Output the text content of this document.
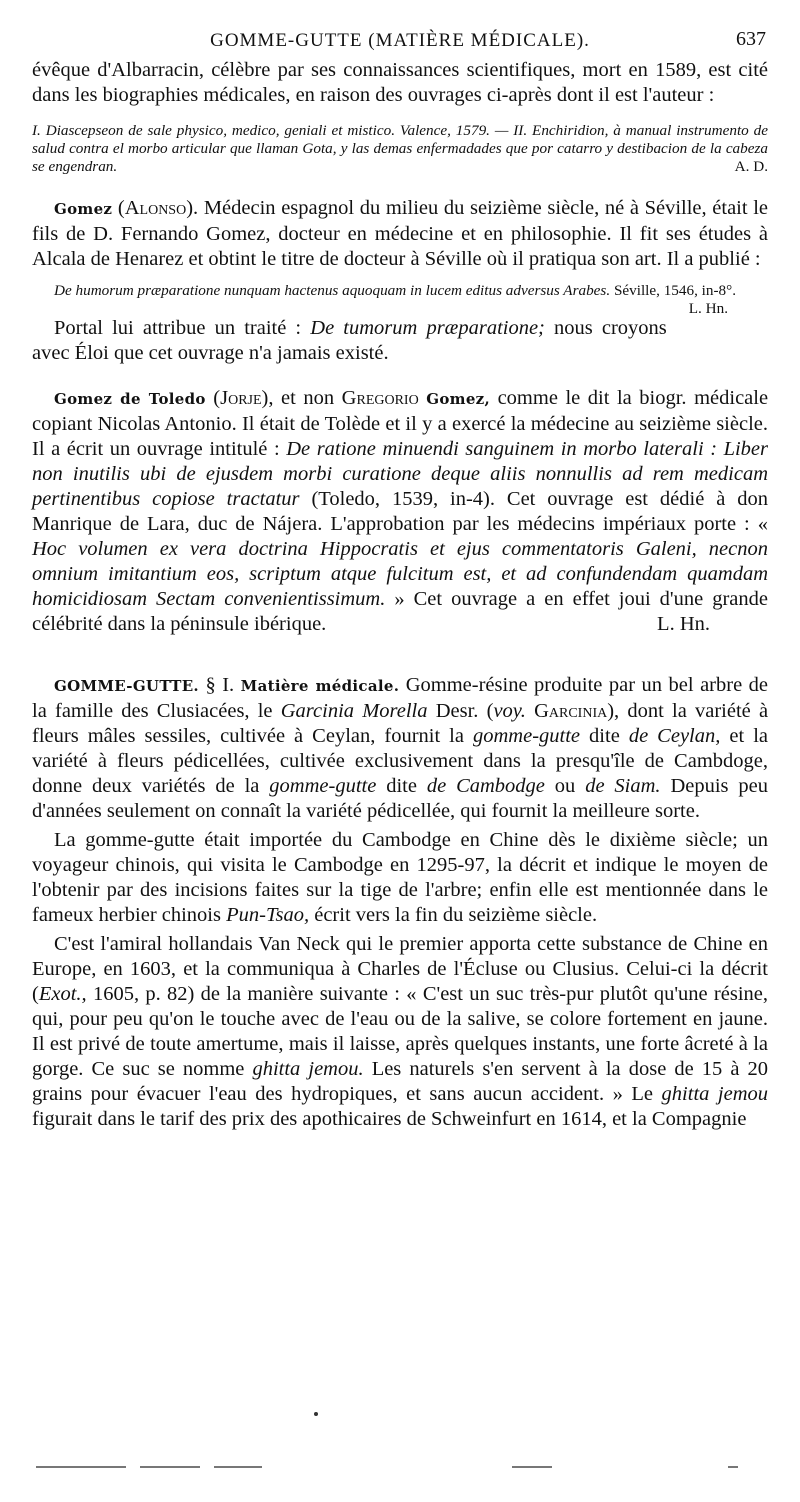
GOMME-GUTTE (MATIÈRE MÉDICALE).	637

évêque d'Albarracin, célèbre par ses connaissances scientifiques, mort en 1589, est cité dans les biographies médicales, en raison des ouvrages ci-après dont il est l'auteur :

I. Diascepseon de sale physico, medico, geniali et mistico. Valence, 1579. — II. Enchiridion, à manual instrumento de salud contra el morbo articular que llaman Gota, y las demas enfermadades que por catarro y destibacion de la cabeza se engendran.	A. D.

Gomez (Alonso). Médecin espagnol du milieu du seizième siècle, né à Séville, était le fils de D. Fernando Gomez, docteur en médecine et en philosophie. Il fit ses études à Alcala de Henarez et obtint le titre de docteur à Séville où il pratiqua son art. Il a publié :

De humorum præparatione nunquam hactenus aquoquam in lucem editus adversus Arabes. Séville, 1546, in-8°.
L. Hn.

Portal lui attribue un traité : De tumorum præparatione; nous croyons avec Éloi que cet ouvrage n'a jamais existé.

Gomez de Toledo (Jorje), et non Gregorio Gomez, comme le dit la biogr. médicale copiant Nicolas Antonio. Il était de Tolède et il y a exercé la médecine au seizième siècle. Il a écrit un ouvrage intitulé : De ratione minuendi sanguinem in morbo laterali : Liber non inutilis ubi de ejusdem morbi curatione deque aliis nonnullis ad rem medicam pertinentibus copiose tractatur (Toledo, 1539, in-4). Cet ouvrage est dédié à don Manrique de Lara, duc de Nájera. L'approbation par les médecins impériaux porte : « Hoc volumen ex vera doctrina Hippocratis et ejus commentatoris Galeni, necnon omnium imitantium eos, scriptum atque fulcitum est, et ad confundendam quamdam homicidiosam Sectam convenientissimum. » Cet ouvrage a en effet joui d'une grande célébrité dans la péninsule ibérique.	L. Hn.

GOMME-GUTTE. § I. Matière médicale. Gomme-résine produite par un bel arbre de la famille des Clusiacées, le Garcinia Morella Desr. (voy. Garcinia), dont la variété à fleurs mâles sessiles, cultivée à Ceylan, fournit la gomme-gutte dite de Ceylan, et la variété à fleurs pédicellées, cultivée exclusivement dans la presqu'île de Cambdoge, donne deux variétés de la gomme-gutte dite de Cambodge ou de Siam. Depuis peu d'années seulement on connaît la variété pédicellée, qui fournit la meilleure sorte.

La gomme-gutte était importée du Cambodge en Chine dès le dixième siècle; un voyageur chinois, qui visita le Cambodge en 1295-97, la décrit et indique le moyen de l'obtenir par des incisions faites sur la tige de l'arbre; enfin elle est mentionnée dans le fameux herbier chinois Pun-Tsao, écrit vers la fin du seizième siècle.

C'est l'amiral hollandais Van Neck qui le premier apporta cette substance de Chine en Europe, en 1603, et la communiqua à Charles de l'Écluse ou Clusius. Celui-ci la décrit (Exot., 1605, p. 82) de la manière suivante : « C'est un suc très-pur plutôt qu'une résine, qui, pour peu qu'on le touche avec de l'eau ou de la salive, se colore fortement en jaune. Il est privé de toute amertume, mais il laisse, après quelques instants, une forte âcreté à la gorge. Ce suc se nomme ghitta jemou. Les naturels s'en servent à la dose de 15 à 20 grains pour évacuer l'eau des hydropiques, et sans aucun accident. » Le ghitta jemou figurait dans le tarif des prix des apothicaires de Schweinfurt en 1614, et la Compagnie
